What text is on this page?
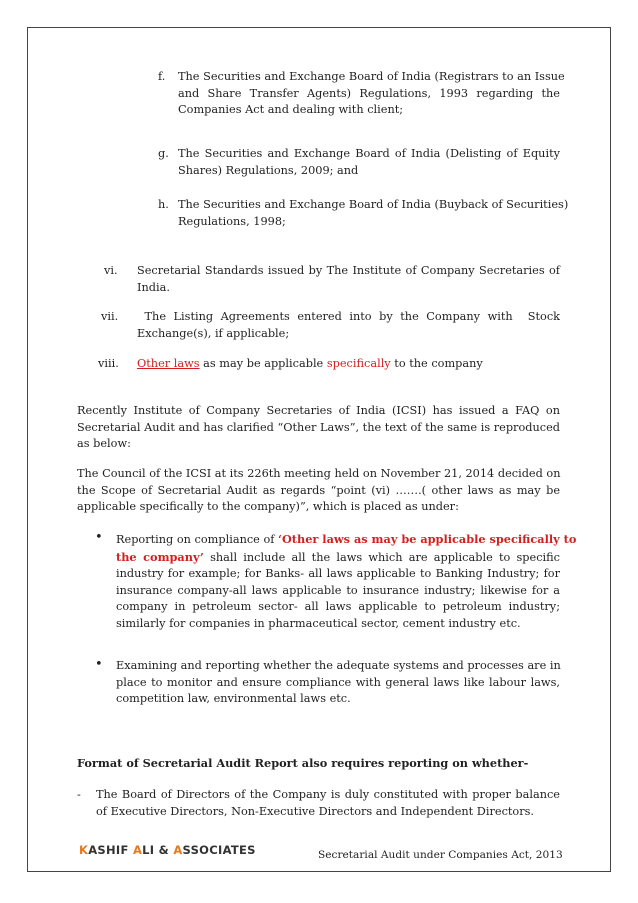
f. The Securities and Exchange Board of India (Registrars to an Issue
and Share Transfer Agents) Regulations, 1993 regarding the
Companies Act and dealing with client;
g. The Securities and Exchange Board of India (Delisting of Equity
Shares) Regulations, 2009; and
h. The Securities and Exchange Board of India (Buyback of Securities)
Regulations, 1998;
vi. Secretarial Standards issued by The Institute of Company Secretaries of
India.
vii. The Listing Agreements entered into by the Company with  Stock
Exchange(s), if applicable;
viii. Other laws as may be applicable specifically to the company
Recently Institute of Company Secretaries of India (ICSI) has issued a FAQ on
Secretarial Audit and has clarified “Other Laws”, the text of the same is reproduced
as below:
The Council of the ICSI at its 226th meeting held on November 21, 2014 decided on
the Scope of Secretarial Audit as regards “point (vi) …….( other laws as may be
applicable specifically to the company)”, which is placed as under:
• Reporting on compliance of ‘Other laws as may be applicable specifically to
the company’ shall include all the laws which are applicable to specific
industry for example; for Banks- all laws applicable to Banking Industry; for
insurance company-all laws applicable to insurance industry; likewise for a
company in petroleum sector- all laws applicable to petroleum industry;
similarly for companies in pharmaceutical sector, cement industry etc.
• Examining and reporting whether the adequate systems and processes are in
place to monitor and ensure compliance with general laws like labour laws,
competition law, environmental laws etc.
Format of Secretarial Audit Report also requires reporting on whether-
- The Board of Directors of the Company is duly constituted with proper balance
of Executive Directors, Non-Executive Directors and Independent Directors.
KASHIF ALI & ASSOCIATES	Secretarial Audit under Companies Act, 2013
